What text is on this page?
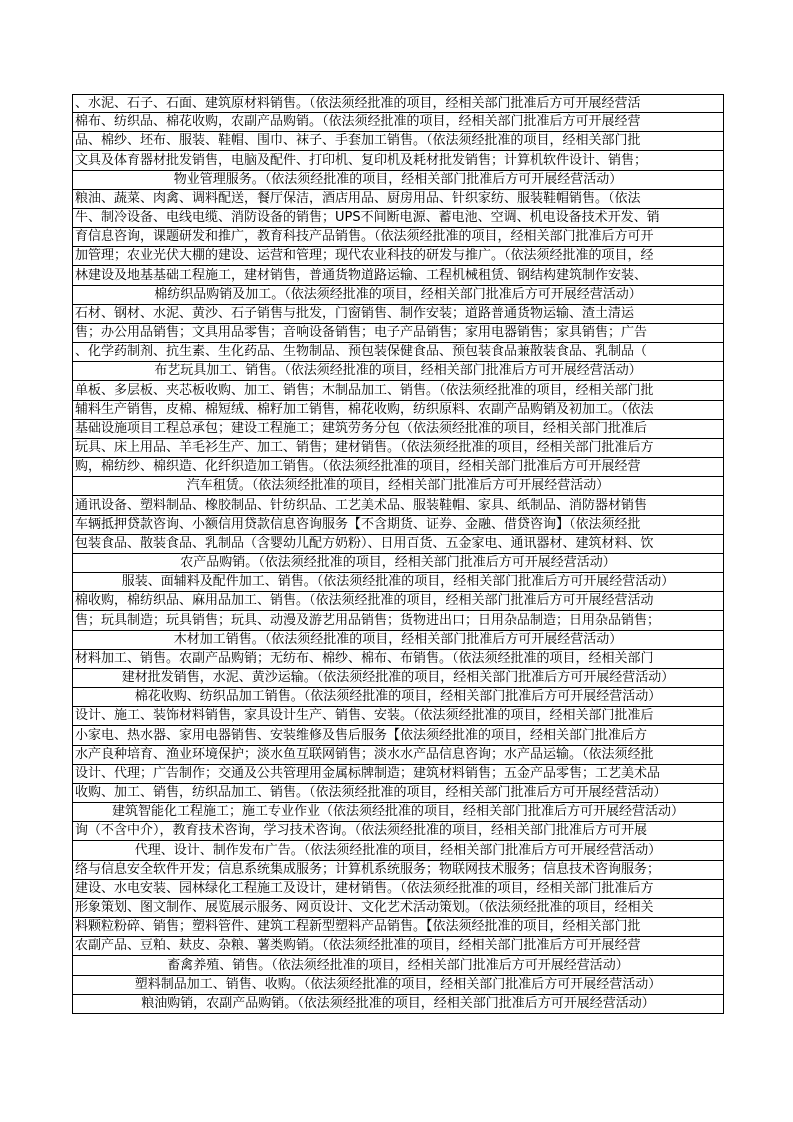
、水泥、石子、石面、建筑原材料销售。（依法须经批准的项目，经相关部门批准后方可开展经营活
棉布、纺织品、棉花收购，农副产品购销。（依法须经批准的项目，经相关部门批准后方可开展经营
品、棉纱、坯布、服装、鞋帽、围巾、袜子、手套加工销售。（依法须经批准的项目，经相关部门批
文具及体育器材批发销售，电脑及配件、打印机、复印机及耗材批发销售；计算机软件设计、销售；
物业管理服务。（依法须经批准的项目，经相关部门批准后方可开展经营活动）
粮油、蔬菜、肉禽、调料配送，餐厅保洁，酒店用品、厨房用品、针织家纺、服装鞋帽销售。（依法
牛、制冷设备、电线电缆、消防设备的销售；UPS不间断电源、蓄电池、空调、机电设备技术开发、销
育信息咨询，课题研发和推广，教育科技产品销售。（依法须经批准的项目，经相关部门批准后方可开
加管理；农业光伏大棚的建设、运营和管理；现代农业科技的研发与推广。（依法须经批准的项目，经
林建设及地基基础工程施工，建材销售，普通货物道路运输、工程机械租赁、钢结构建筑制作安装、
棉纺织品购销及加工。（依法须经批准的项目，经相关部门批准后方可开展经营活动）
石材、钢材、水泥、黄沙、石子销售与批发，门窗销售、制作安装；道路普通货物运输、渣土清运
售；办公用品销售；文具用品零售；音响设备销售；电子产品销售；家用电器销售；家具销售；广告
、化学药制剂、抗生素、生化药品、生物制品、预包装保健食品、预包装食品兼散装食品、乳制品（
布艺玩具加工、销售。（依法须经批准的项目，经相关部门批准后方可开展经营活动）
单板、多层板、夹芯板收购、加工、销售；木制品加工、销售。（依法须经批准的项目，经相关部门批
辅料生产销售，皮棉、棉短绒、棉籽加工销售，棉花收购，纺织原料、农副产品购销及初加工。（依法
基础设施项目工程总承包；建设工程施工；建筑劳务分包（依法须经批准的项目，经相关部门批准后
玩具、床上用品、羊毛衫生产、加工、销售；建材销售。（依法须经批准的项目，经相关部门批准后方
购，棉纺纱、棉织造、化纤织造加工销售。（依法须经批准的项目，经相关部门批准后方可开展经营
汽车租赁。（依法须经批准的项目，经相关部门批准后方可开展经营活动）
通讯设备、塑料制品、橡胶制品、针纺织品、工艺美术品、服装鞋帽、家具、纸制品、消防器材销售
车辆抵押贷款咨询、小额信用贷款信息咨询服务【不含期货、证券、金融、借贷咨询】（依法须经批
包装食品、散装食品、乳制品（含婴幼儿配方奶粉）、日用百货、五金家电、通讯器材、建筑材料、饮
农产品购销。（依法须经批准的项目，经相关部门批准后方可开展经营活动）
服装、面辅料及配件加工、销售。（依法须经批准的项目，经相关部门批准后方可开展经营活动）
棉收购，棉纺织品、麻用品加工、销售。（依法须经批准的项目，经相关部门批准后方可开展经营活动
售；玩具制造；玩具销售；玩具、动漫及游艺用品销售；货物进出口；日用杂品制造；日用杂品销售；
木材加工销售。（依法须经批准的项目，经相关部门批准后方可开展经营活动）
材料加工、销售。农副产品购销；无纺布、棉纱、棉布、布销售。（依法须经批准的项目，经相关部门
建材批发销售，水泥、黄沙运输。（依法须经批准的项目，经相关部门批准后方可开展经营活动）
棉花收购、纺织品加工销售。（依法须经批准的项目，经相关部门批准后方可开展经营活动）
设计、施工、装饰材料销售，家具设计生产、销售、安装。（依法须经批准的项目，经相关部门批准后
小家电、热水器、家用电器销售、安装维修及售后服务【依法须经批准的项目，经相关部门批准后方
水产良种培育、渔业环境保护；淡水鱼互联网销售；淡水水产品信息咨询；水产品运输。（依法须经批
设计、代理；广告制作；交通及公共管理用金属标牌制造；建筑材料销售；五金产品零售；工艺美术品
收购、加工、销售，纺织品加工、销售。（依法须经批准的项目，经相关部门批准后方可开展经营活动）
建筑智能化工程施工；施工专业作业（依法须经批准的项目，经相关部门批准后方可开展经营活动）
询（不含中介），教育技术咨询，学习技术咨询。（依法须经批准的项目，经相关部门批准后方可开展
代理、设计、制作发布广告。（依法须经批准的项目，经相关部门批准后方可开展经营活动）
络与信息安全软件开发；信息系统集成服务；计算机系统服务；物联网技术服务；信息技术咨询服务；
建设、水电安装、园林绿化工程施工及设计，建材销售。（依法须经批准的项目，经相关部门批准后方
形象策划、图文制作、展览展示服务、网页设计、文化艺术活动策划。（依法须经批准的项目，经相关
料颗粒粉碎、销售；塑料管件、建筑工程新型塑料产品销售。【依法须经批准的项目，经相关部门批
农副产品、豆粕、麸皮、杂粮、薯类购销。（依法须经批准的项目，经相关部门批准后方可开展经营
畜禽养殖、销售。（依法须经批准的项目，经相关部门批准后方可开展经营活动）
塑料制品加工、销售、收购。（依法须经批准的项目，经相关部门批准后方可开展经营活动）
粮油购销，农副产品购销。（依法须经批准的项目，经相关部门批准后方可开展经营活动）
